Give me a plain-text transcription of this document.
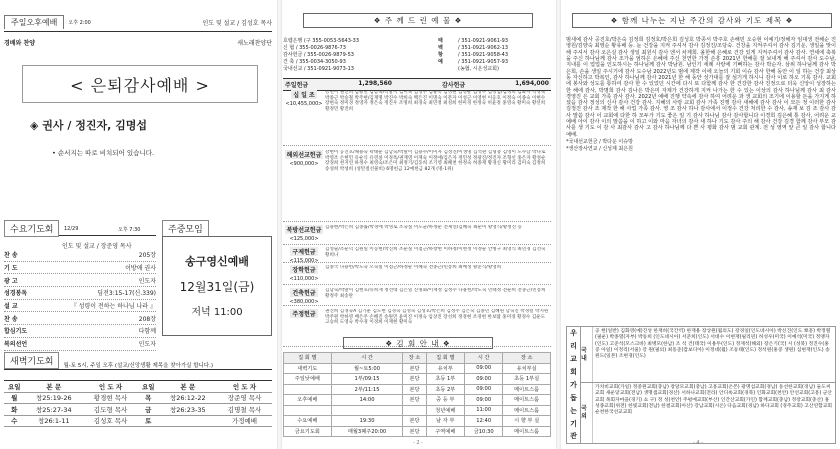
주일오후예배	오후 2:00	인도 및 설교 / 김성호 목사
경배와 찬양	새노래찬양단
< 은퇴감사예배 >
◈ 권사 / 정진자, 김명섭
• 순서지는 따로 비치되어 있습니다.
수요기도회	12/29	오후 7:30
인도 및 설교 / 장준영 목사
주중모임
찬 송	205장
기 도	이방애 권사
광 고	인도자
성경봉독	딤전3:15-17(신.339)
설 교	『 성령이 전하는 하나님 나라 』
찬 송	208장
합심기도	다함께
복의선언	인도자
송구영신예배
12월31일(금)
저녁 11:00
새벽기도회	월-토 5시, 주일 오후 (설교/신앙생활 제목을 찾아가실 합니다.)
요일	본 문	인 도 자	요일	본 문	인 도 자
월	창25:19-26	황경현 목사	목	창26:12-22	장준영 목사
화	창25:27-34	김도형 목사	금	창26:23-35	김명철 목사
수	창26:1-11	김성호 목사	토		가정예배
❖ 주 께 드 린 예 물 ❖
호렙은행 (구 355-0053-5643-33	태	/ 351-0921-9061-93
신 협 / 355-0026-9876-73	백	/ 351-0921-9062-13
감사헌금 / 355-0026-9879-53	항	/ 351-0921-9058-43
건 축 / 355-0034-3050-93	예	/ 351-0921-9057-93
국내선교 / 351-0921-9073-13	(농협, 시온성교회)
주일헌금	1,298,560	감사헌금	1,694,000
십 일 조
<10,455,000>
강현이 권진희 김광현 김남숙/박말이 김미숙 김영수 김용복 김정권 김정순 김정수 김정임/김경희 김화자 박경숙 박종근 박승철 박주현/김재명 박진수 박희숙 백은진 이명숙 이문자 이성근 이영현 이응호 이정숙 이종숙 이현수 장현숙 정미경 정영자 정은숙 정진우 조명희 최경숙 최민정 최성희 한미경 한정숙 허윤정 홍영숙 황미숙 황선희 황정민 황진희
해외선교헌금
<900,000>
강현이 공진호/채용숙 곽태순 김남숙/박말이 김용수/이미자 김성진/이생명 김석판 김형중 김영이 도수남 박다로 박영조 손현민 유순식 유영실 이경옥/권재영 이재숙 이정애/김은자 정민성 정광진/정진자 조형선 홍은자 황성순 장경희 천지연 하정수 최영숙/조은미 최정기/김동희 조기영 최혜천 한정숙 허종재 황경신 황미리 김미숙 김정희 송성희 박성희 (성탄절선물비) 6명헌금 12예헌금 82개 (명-1위)
북방선교헌금
<125,000>
김용현/박은희 김종률/박경애 박명로 조숙실 이도균/하정순 전제연/김혜숙 최순미 황영식/황정진 등
구제헌금
<115,000>
김성술/조순덕 김원일 이동현/박진희 조순실 이점근/하창현 이하정/이현정 이정순 안병구 최영식 최민경 김선숙 황희나
장학헌금
<110,000>
김종국 나용헌/박도숙 오숙실 이점근/하정순 이혜숙 전종근/민봉희 최예성 황준식/황영희
건축헌금
<380,000>
김남숙/박말이 김현호/유희재 정선대 김은일 신명화/이재정 김정수 나용헌/박도숙 민태정 전순희 전충근/민봉희 황정주 최송란
주정헌금	권진희 김경숙A 김기운 김도현 김경숙 김성숙 김성호/박은희 김성주 김은숙 김종민 김혜원 남숙진 박경렬 박지원 박주원 박하영 배은주 손해진 송원민 윤미진 이정숙 임상진 장선희 정경현 조경현 한보람 홍미경 황경수 김운도 고승희 도영숙 박수경 이경희 이재현 황미숙
❖ 김 회 안 내 ❖
집 회 별	시 간	장 소	집 회 별	시 간	장 소
새벽기도	월~토5:00	본당	유치부	09:00	유치부실
주일낮예배	1부/09:15	본당	초등 1부	09:00	초등 1부실
	2부/11:15	본당	초등 2부	09:00	메이트스룸
오후예배	14:00	본당	중 등 부	09:00	메이트스룸
			청년예배	11:00	메이트스룸
수요예배	19:30	본당	남 자 부	12:40	시 향 부 실
금요기도회	매월3째주20:00	본당	구역예배	금10:30	메이트스룸
- 2 -
❖ 함께 나누는 지난 주간의 감사와 기도 제목 ❖
범새예 감사 공진호/박은숙 김정희 김정호/박은희 김성호 박종서 박주호 손해민 오승현 이예기/정해자 임대생 전해순 진영원/김양숙 최영순 황유배 등. 눈 건강을 지켜 주셔서 감사 김정진/조당숙. 건강을 지켜주셔서 감사 김기운, 생일을 맞이해 주셔서 감사 오은실 감사 생일 최원식 감사 엔서 차제희. 올한해 은혜로 건강 있게 지켜주셔서 감사 감사. 연세에 축복을 주신 하나님께 감사 조가을 엄하은 은혜에 주신 천연한 가정 손흥 2021년 한해를 잘 보내게 해 주셔서 감사 도수남, 지내를 이 업업을 인도하시는 하나님께 감사 박남원. 남인기 세례 사랑에 기뻐하는 감사 박순자. 삼위 하나님께 감사 박은희, 손을 생일 주시기에 감사 도수남 2022년도 범에 제작 이에 오늘의 기회 이슈 감사 한해 동안 이 일 하는 건강 최상동 자신하고 박복인, 감사 하나님께 감사 2021년 한 해 동안 성가대를 잘 섬기게 하시니 감사 이로 하오 기록 감사. 교회에 봉사와 성도를 통하여 감사 한 수 있었던 시간에 다시 또 다함께 감사 한 건강한 감사 진정으로 더욱 신앙이 성장하는 한 해에 감사, 박명희 감사 김나은 박은미 자제가 건강하게 지켜 나가는 한 수 있는 이상의 감사 하나님께 감사 최 감사 경영진 은 교회 가족 감사 감사. 2022년 예배 진행 약속에 감사 하여 어려운 과 생 교회의 조기에 이용할 돈을 가지게 하셨음 감사 정성의 신사 감사 건강 감사. 지혜의 사랑 교회 감사 가족 진행 감사 새해에 감사 감사 이 모든 정 이러한 감사 김정진 감사 조 제작 한 해 사업 가족 감사. 영 조 감사 하나 감사에서 이정수 건강 처리한 수 감사, 송재 보 김 조 감사 감사 말씀 감사 이 교회에 다한 하 모두가 기도 좋은 일 기 감사 하나님 감사 감사합니다 이경희 김은혜 통 감사, 어려운 교 예배 아이 감사 이의 말씀을 이 하고 이와 마음 자녀의 감사 새 하나 기도 감사 주의 해 감사 건강 김경 함께 감사 부모 감사를 생 기도 이 감 사 최감사 감사 고 감사 하나님께 다 쁜 사 평화 감사 범 교회 관계. 전 성 영역 앞 큰 일 감사 합니다 예배.
*국내선교헌금 / 박다운 이슈방
*생산장사연교 / 신성제 최은원
우
리
교
회
가
돕
는
기
관
국내
공 헌(일반) 김화영(예)진성 한재희(국간역) 한재용 장상원(월의도) 장경일(인도네시아) 박신진(인도 뽀흥) 박정렬(필운) 박종열(자부) 박동희 (인도네시아) 서준희(인도) 서대수 이현재(필리핀) 허성우(미국) 이예석(미국) 정맹자(인도) 고준석(모스크바) 최병모(한남) 조 석 건(태국) 이용두(인도) 정재석(해외) 장은기(국) 시 (성북) 정진수(홍콩 아일) 이정리(서울) 강 원(필의) 최동준(캄보디아) 이정대(월) 조동태(인도) 정석원(홍콩 생원) 심현재(인도) 송원도(일본) 조현경(인도)
국외
가치비교회(가일) 정중원교회(충남) 장달모교회(충남) 고흥교회(온몬) 광명섬교회(경남) 동선한교회(경남) 둘도씨교회 새운닿교회(전남) 생명샘교회(경산) 서하나교회(전라) 안디옥교회(경북) 인화교회(천안) 안선교회(고흥) 군산교회 목회자마을(경기) 쇼 구) 정 성(천안) 주평예교회(부산) 인간산교회(가인) 함께교회(충남) 정장교회(충산) 홍성종교회(위전) 한빛교회(전남) 한결교회(아산) 강남교회(시온) 다음교회(경남) 하다교회 (경주교회) 고산연합교회 순천한국선교교회
- 4 -
